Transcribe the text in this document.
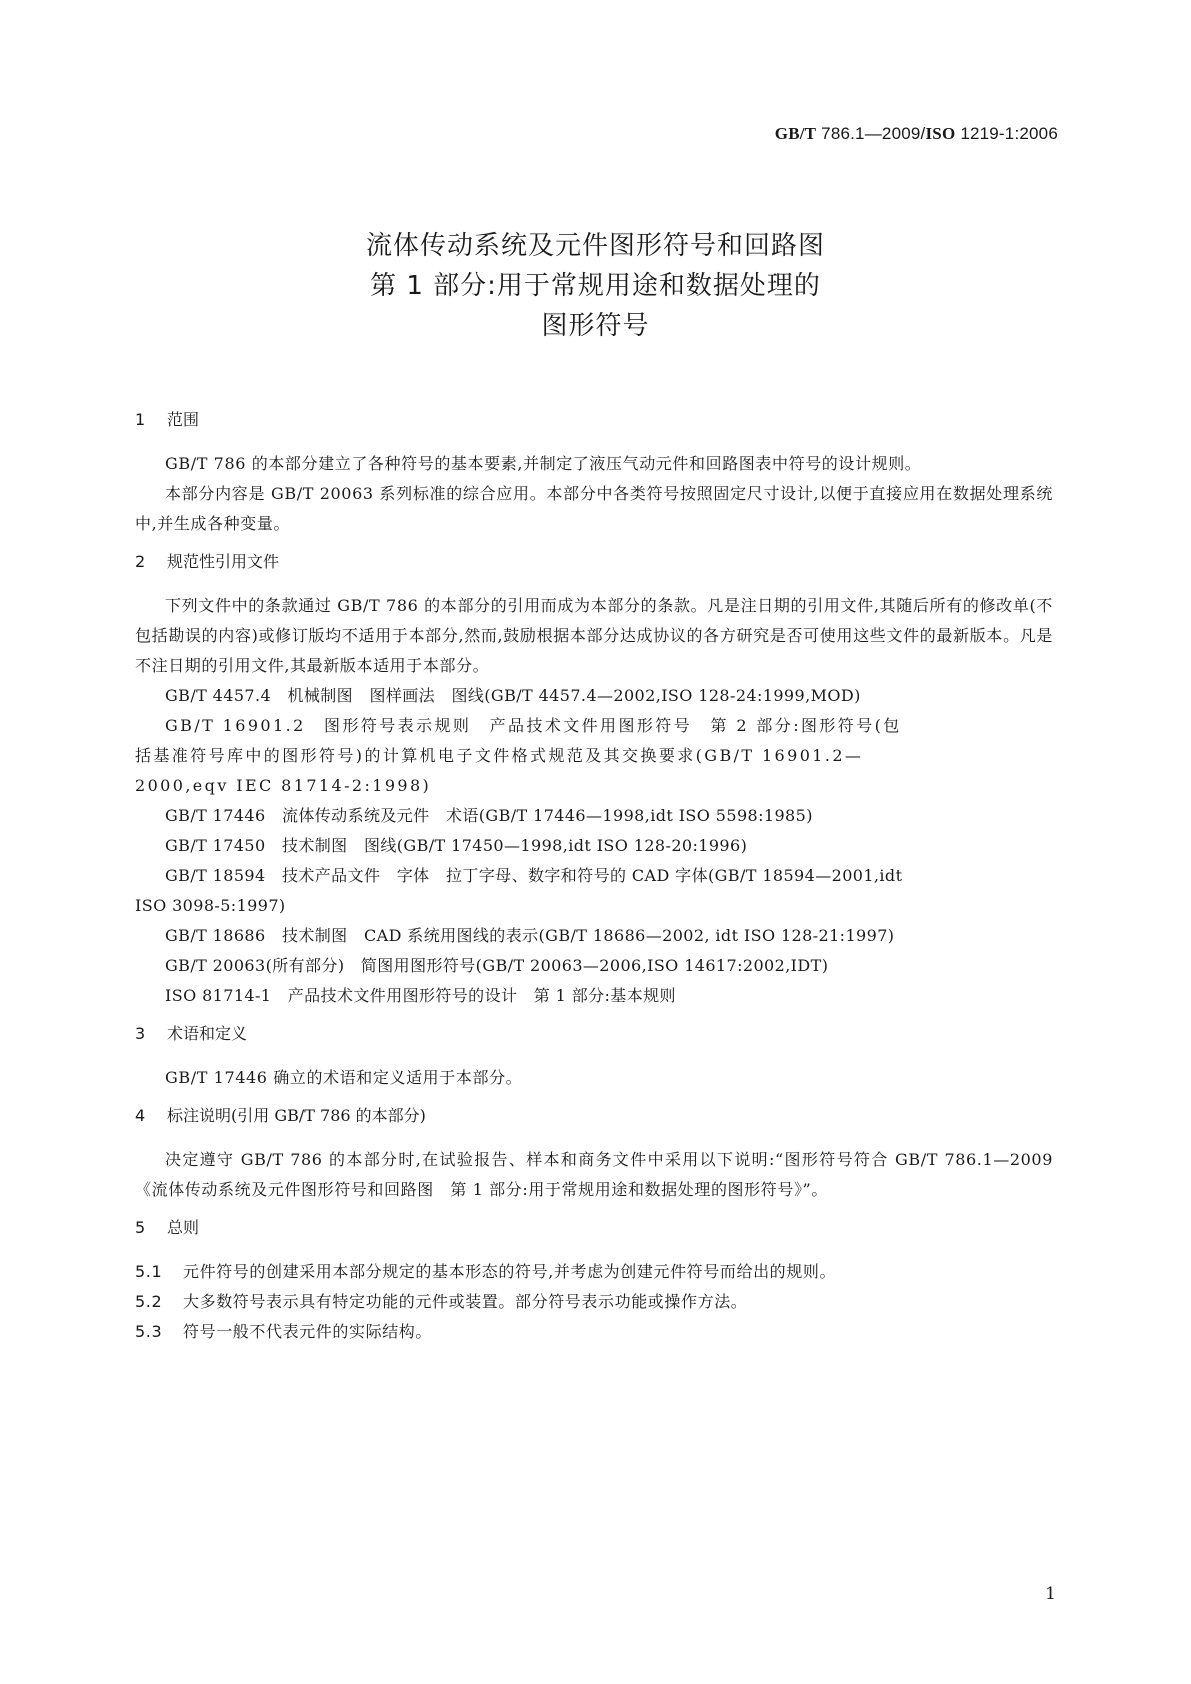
GB/T 786.1—2009/ISO 1219-1:2006
流体传动系统及元件图形符号和回路图
第 1 部分:用于常规用途和数据处理的
图形符号
1 范围

GB/T 786 的本部分建立了各种符号的基本要素,并制定了液压气动元件和回路图表中符号的设计规则。

本部分内容是 GB/T 20063 系列标准的综合应用。本部分中各类符号按照固定尺寸设计,以便于直接应用在数据处理系统中,并生成各种变量。

2 规范性引用文件

下列文件中的条款通过 GB/T 786 的本部分的引用而成为本部分的条款。凡是注日期的引用文件,其随后所有的修改单(不包括勘误的内容)或修订版均不适用于本部分,然而,鼓励根据本部分达成协议的各方研究是否可使用这些文件的最新版本。凡是不注日期的引用文件,其最新版本适用于本部分。

GB/T 4457.4　机械制图　图样画法　图线(GB/T 4457.4—2002,ISO 128-24:1999,MOD)
GB/T 16901.2　图形符号表示规则　产品技术文件用图形符号　第 2 部分:图形符号(包
括基准符号库中的图形符号)的计算机电子文件格式规范及其交换要求(GB/T 16901.2—
2000,eqv IEC 81714-2:1998)
GB/T 17446　流体传动系统及元件　术语(GB/T 17446—1998,idt ISO 5598:1985)
GB/T 17450　技术制图　图线(GB/T 17450—1998,idt ISO 128-20:1996)
GB/T 18594　技术产品文件　字体　拉丁字母、数字和符号的 CAD 字体(GB/T 18594—2001,idt
ISO 3098-5:1997)
GB/T 18686　技术制图　CAD 系统用图线的表示(GB/T 18686—2002, idt ISO 128-21:1997)
GB/T 20063(所有部分)　简图用图形符号(GB/T 20063—2006,ISO 14617:2002,IDT)
ISO 81714-1　产品技术文件用图形符号的设计　第 1 部分:基本规则
3 术语和定义

GB/T 17446 确立的术语和定义适用于本部分。

4 标注说明(引用 GB/T 786 的本部分)

决定遵守 GB/T 786 的本部分时,在试验报告、样本和商务文件中采用以下说明:“图形符号符合 GB/T 786.1—2009《流体传动系统及元件图形符号和回路图　第 1 部分:用于常规用途和数据处理的图形符号》”。

5 总则
5.1 元件符号的创建采用本部分规定的基本形态的符号,并考虑为创建元件符号而给出的规则。
5.2 大多数符号表示具有特定功能的元件或装置。部分符号表示功能或操作方法。
5.3 符号一般不代表元件的实际结构。
1
